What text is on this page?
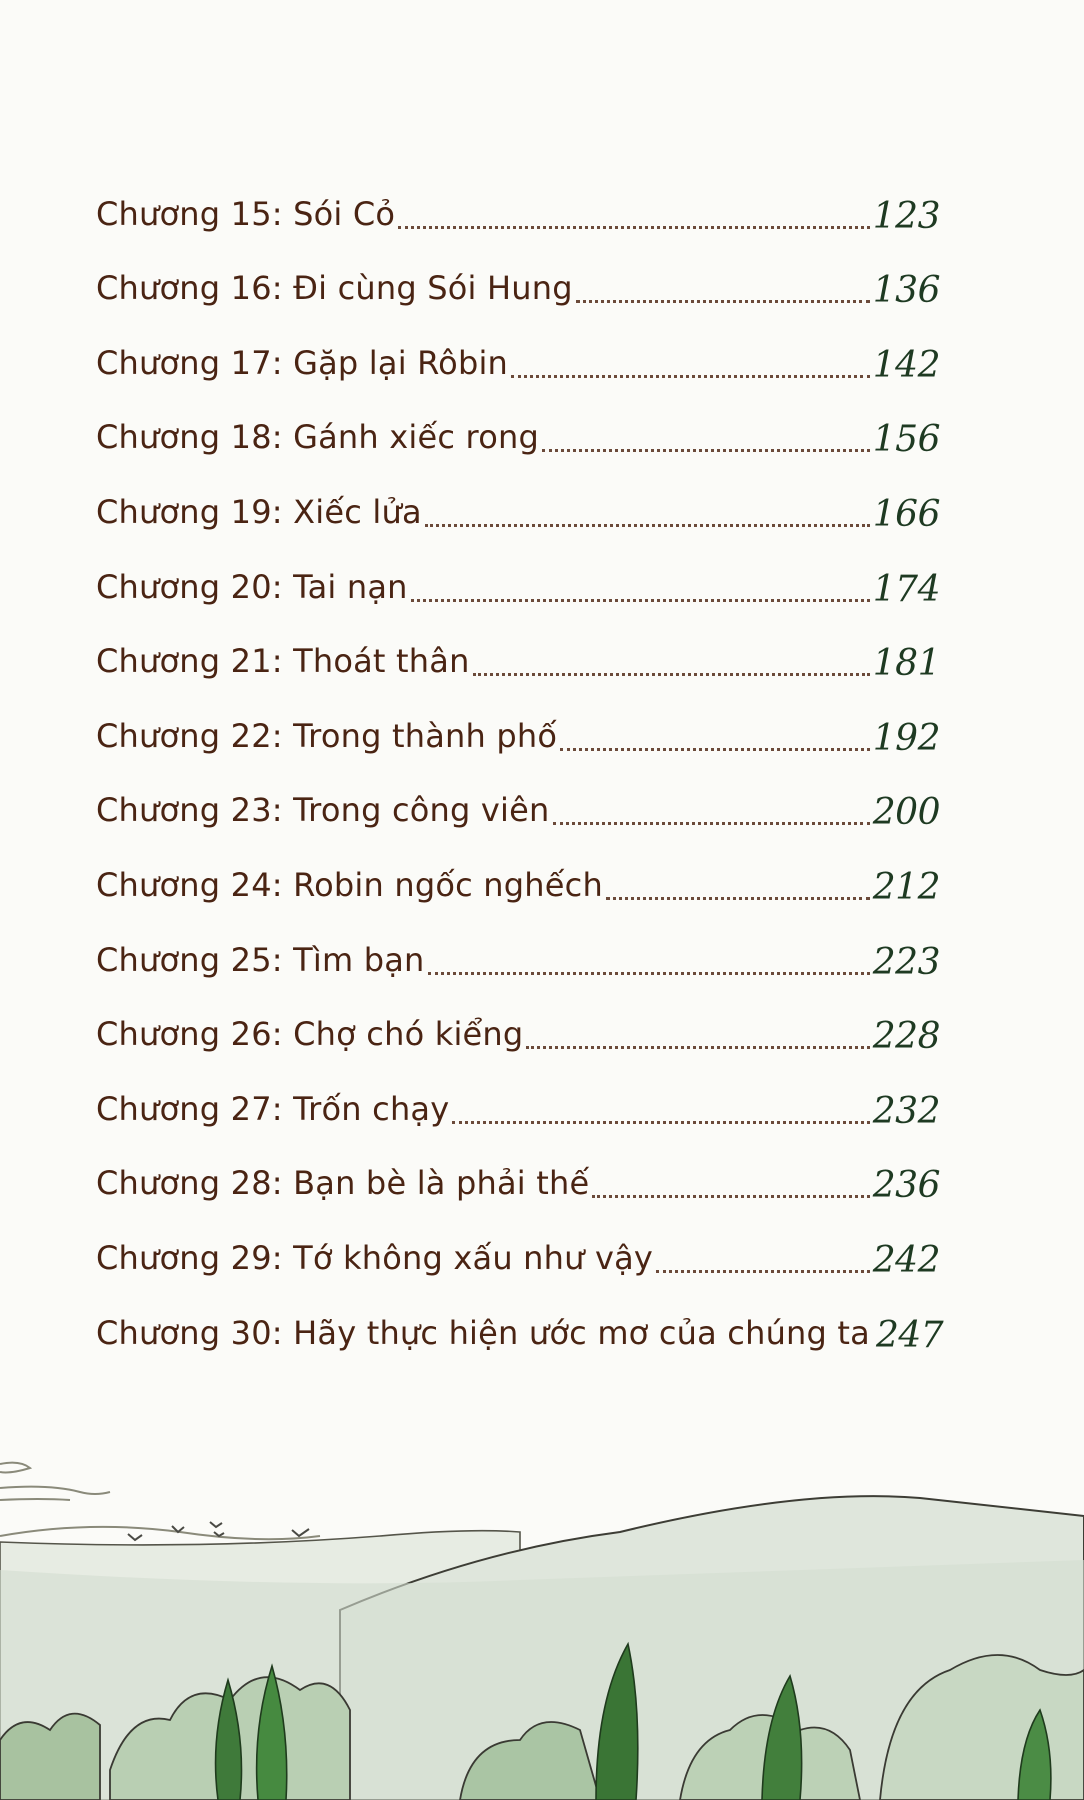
Chương 15: Sói Cỏ	123
Chương 16: Đi cùng Sói Hung	136
Chương 17: Gặp lại Rôbin	142
Chương 18: Gánh xiếc rong	156
Chương 19: Xiếc lửa	166
Chương 20: Tai nạn	174
Chương 21: Thoát thân	181
Chương 22: Trong thành phố	192
Chương 23: Trong công viên	200
Chương 24: Robin ngốc nghếch	212
Chương 25: Tìm bạn	223
Chương 26: Chợ chó kiểng	228
Chương 27: Trốn chạy	232
Chương 28: Bạn bè là phải thế	236
Chương 29: Tớ không xấu như vậy	242
Chương 30: Hãy thực hiện ước mơ của chúng ta 247
